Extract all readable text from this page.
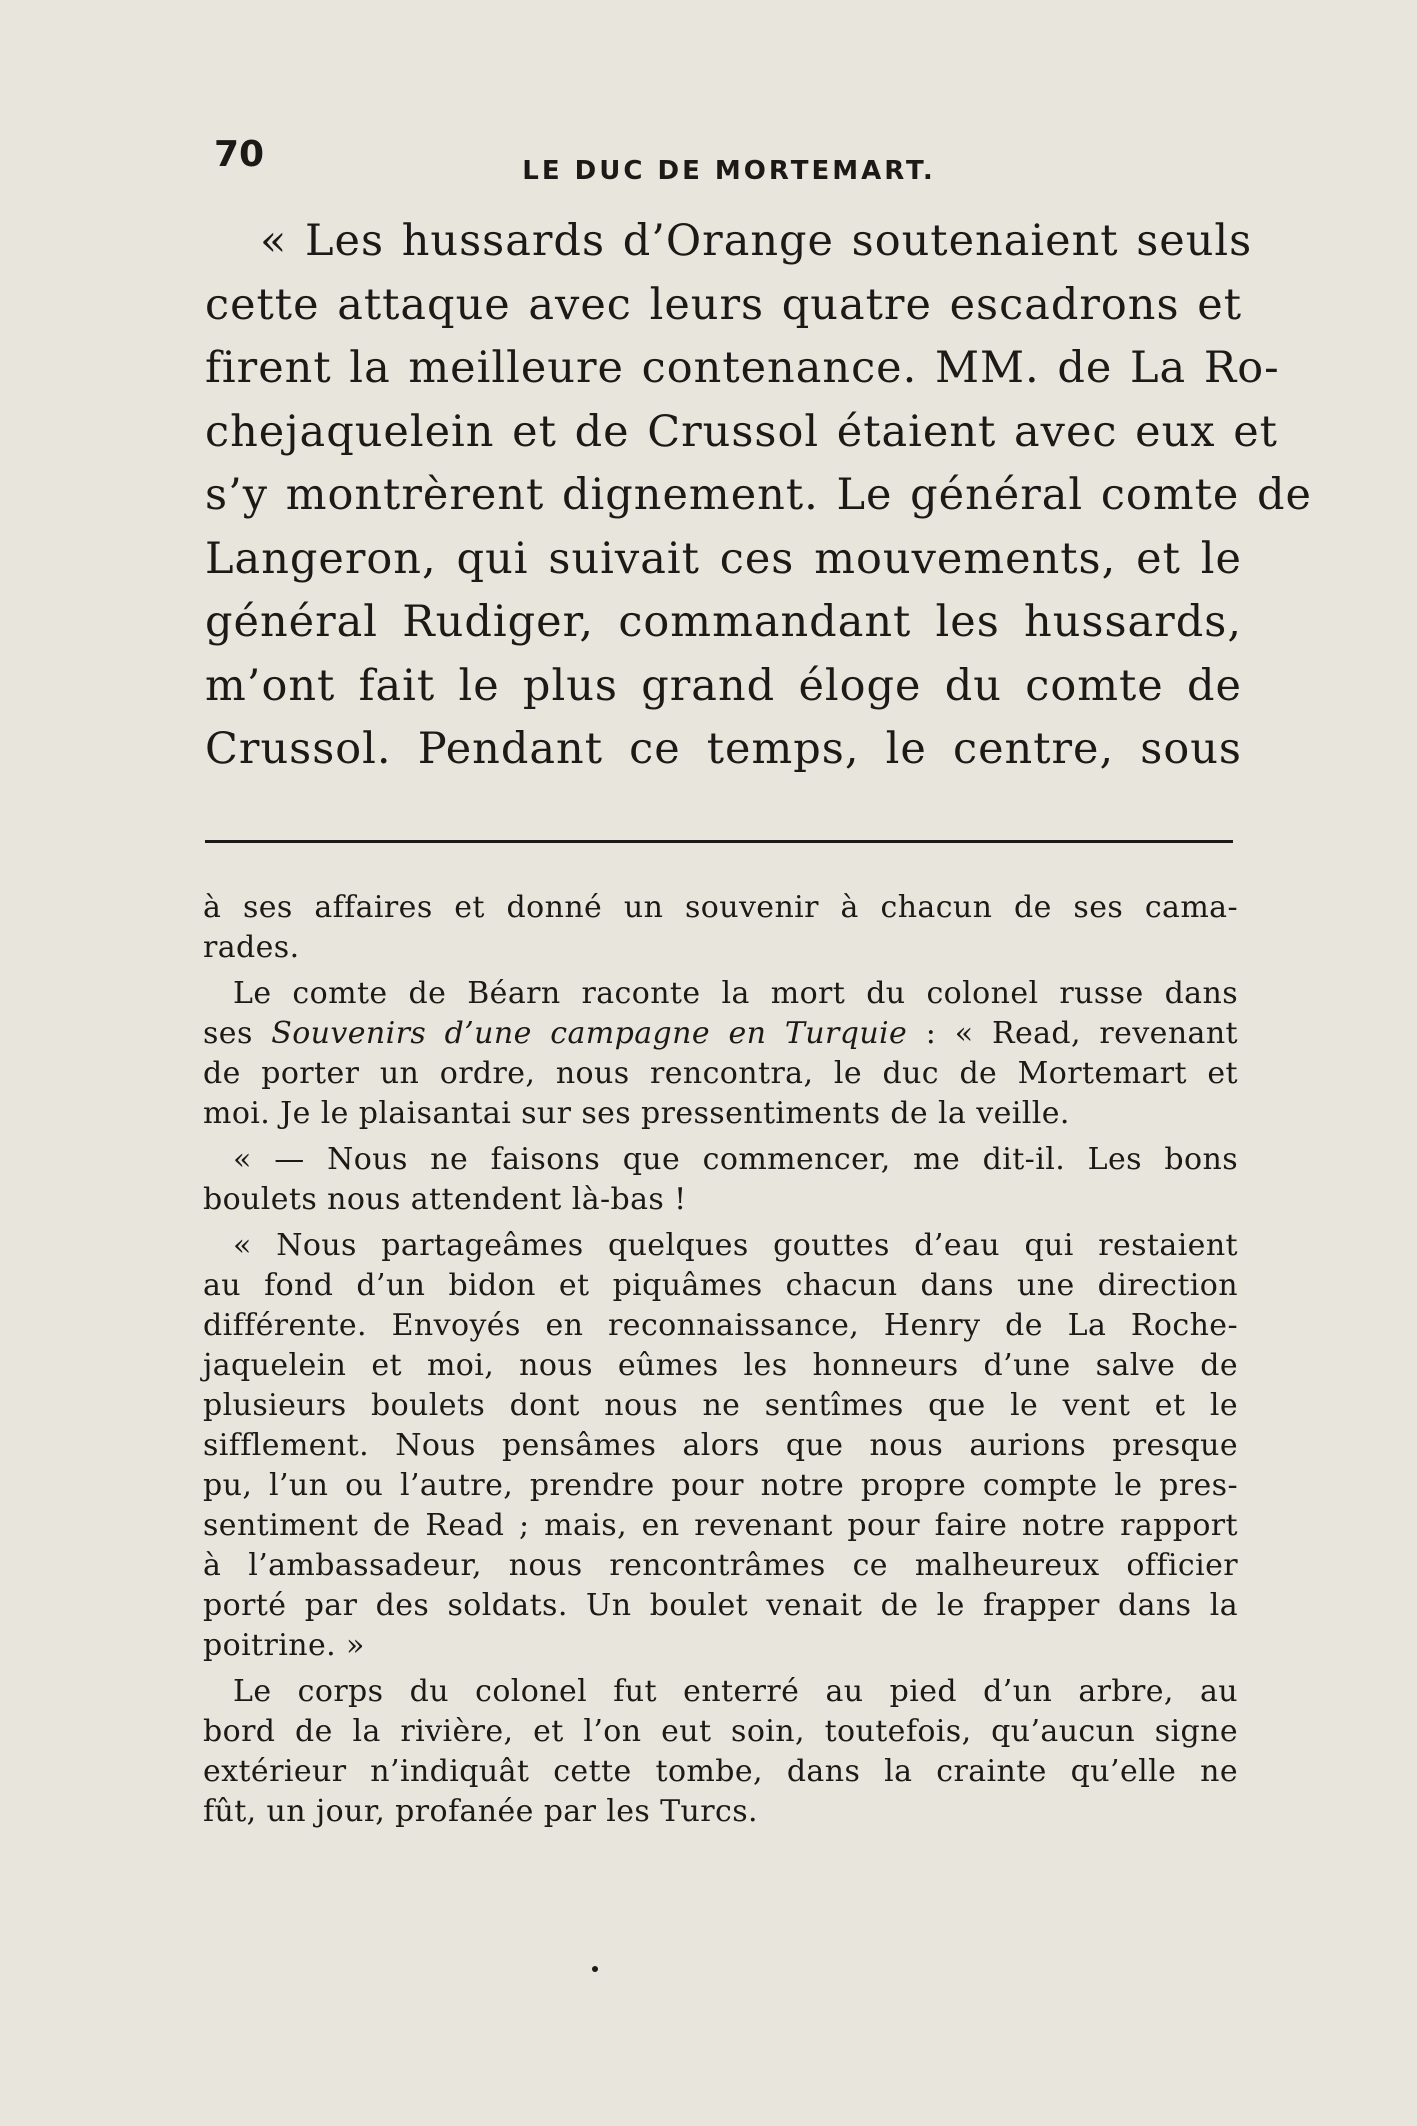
70	LE DUC DE MORTEMART.
« Les hussards d’Orange soutenaient seuls
cette attaque avec leurs quatre escadrons et
firent la meilleure contenance. MM. de La Ro-
chejaquelein et de Crussol étaient avec eux et
s’y montrèrent dignement. Le général comte de
Langeron, qui suivait ces mouvements, et le
général Rudiger, commandant les hussards,
m’ont fait le plus grand éloge du comte de
Crussol. Pendant ce temps, le centre, sous
à ses affaires et donné un souvenir à chacun de ses cama-
rades.
Le comte de Béarn raconte la mort du colonel russe dans
ses Souvenirs d’une campagne en Turquie : « Read, revenant
de porter un ordre, nous rencontra, le duc de Mortemart et
moi. Je le plaisantai sur ses pressentiments de la veille.
« — Nous ne faisons que commencer, me dit-il. Les bons
boulets nous attendent là-bas !
« Nous partageâmes quelques gouttes d’eau qui restaient
au fond d’un bidon et piquâmes chacun dans une direction
différente. Envoyés en reconnaissance, Henry de La Roche-
jaquelein et moi, nous eûmes les honneurs d’une salve de
plusieurs boulets dont nous ne sentîmes que le vent et le
sifflement. Nous pensâmes alors que nous aurions presque
pu, l’un ou l’autre, prendre pour notre propre compte le pres-
sentiment de Read ; mais, en revenant pour faire notre rapport
à l’ambassadeur, nous rencontrâmes ce malheureux officier
porté par des soldats. Un boulet venait de le frapper dans la
poitrine. »
Le corps du colonel fut enterré au pied d’un arbre, au
bord de la rivière, et l’on eut soin, toutefois, qu’aucun signe
extérieur n’indiquât cette tombe, dans la crainte qu’elle ne
fût, un jour, profanée par les Turcs.
